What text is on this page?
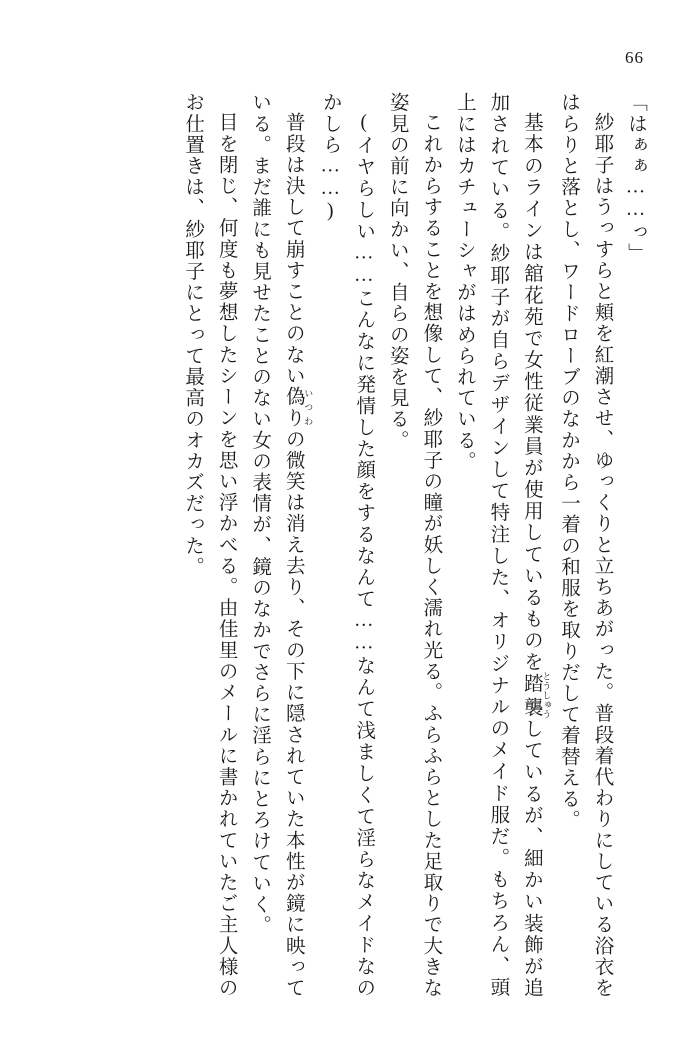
66

「はぁぁ……っ」

紗耶子はうっすらと頬を紅潮させ、ゆっくりと立ちあがった。普段着代わりにしている浴衣をはらりと落とし、ワードローブのなかから一着の和服を取りだして着替える。

基本のラインは舘花苑で女性従業員が使用しているものを踏襲 とうしゅうしているが、細かい装飾が追加されている。紗耶子が自らデザインして特注した、オリジナルのメイド服だ。もちろん、頭上にはカチューシャがはめられている。

これからすることを想像して、紗耶子の瞳が妖しく濡れ光る。ふらふらとした足取りで大きな姿見の前に向かい、自らの姿を見る。

(イヤらしい……こんなに発情した顔をするなんて……なんて浅ましくて淫らなメイドなのかしら……)

普段は決して崩すことのない偽り いつわの微笑は消え去り、その下に隠されていた本性が鏡に映っている。まだ誰にも見せたことのない女の表情が、鏡のなかでさらに淫らにとろけていく。

目を閉じ、何度も夢想したシーンを思い浮かべる。由佳里のメールに書かれていたご主人様のお仕置きは、紗耶子にとって最高のオカズだった。
